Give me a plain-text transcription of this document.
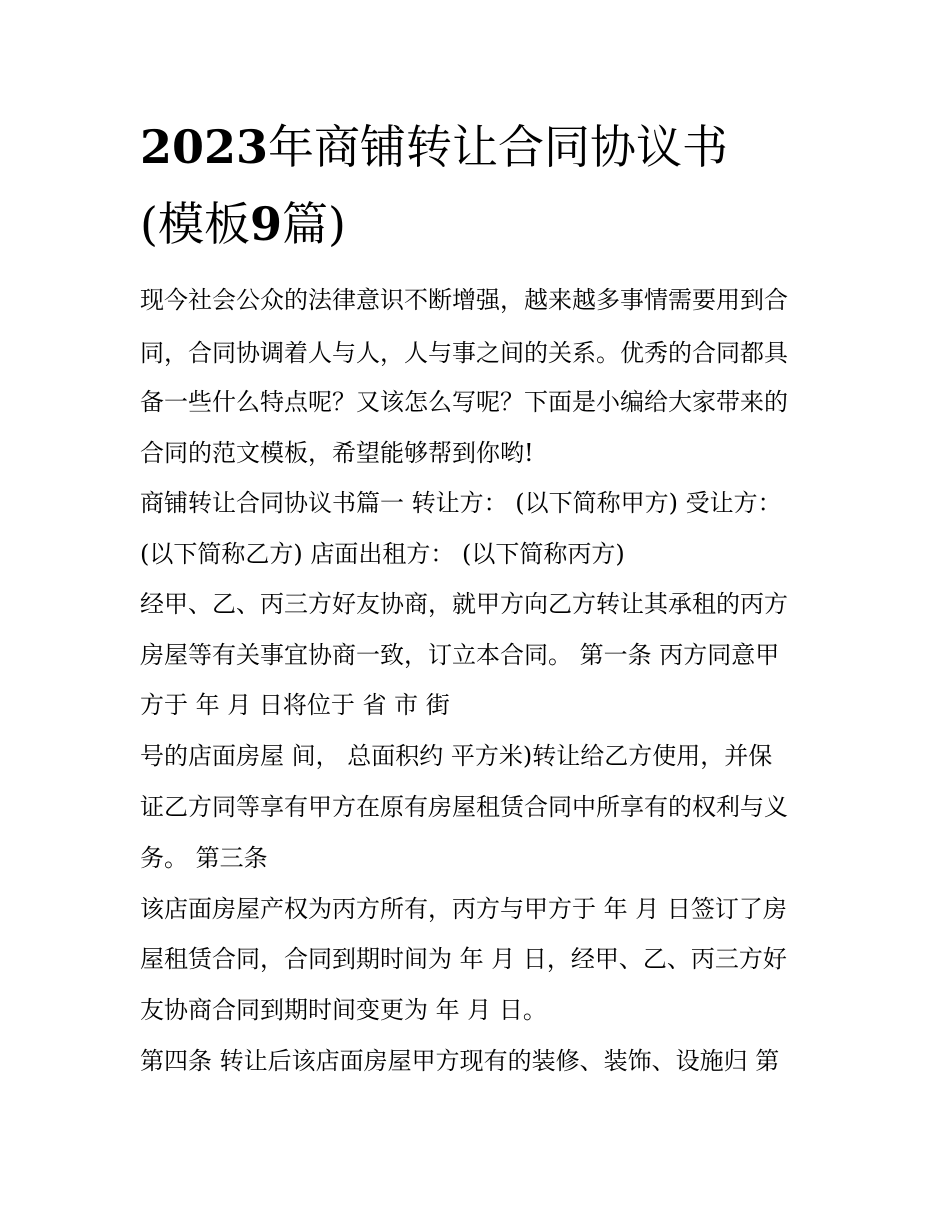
2023年商铺转让合同协议书
(模板9篇)

现今社会公众的法律意识不断增强，越来越多事情需要用到合

同，合同协调着人与人，人与事之间的关系。优秀的合同都具

备一些什么特点呢？又该怎么写呢？下面是小编给大家带来的

合同的范文模板，希望能够帮到你哟!

商铺转让合同协议书篇一 转让方： (以下简称甲方) 受让方：

(以下简称乙方) 店面出租方： (以下简称丙方)

经甲、乙、丙三方好友协商，就甲方向乙方转让其承租的丙方

房屋等有关事宜协商一致，订立本合同。 第一条 丙方同意甲

方于 年 月 日将位于 省 市 街

号的店面房屋 间， 总面积约 平方米)转让给乙方使用，并保

证乙方同等享有甲方在原有房屋租赁合同中所享有的权利与义

务。 第三条

该店面房屋产权为丙方所有，丙方与甲方于 年 月 日签订了房

屋租赁合同，合同到期时间为 年 月 日，经甲、乙、丙三方好

友协商合同到期时间变更为 年 月 日。

第四条 转让后该店面房屋甲方现有的装修、装饰、设施归 第
